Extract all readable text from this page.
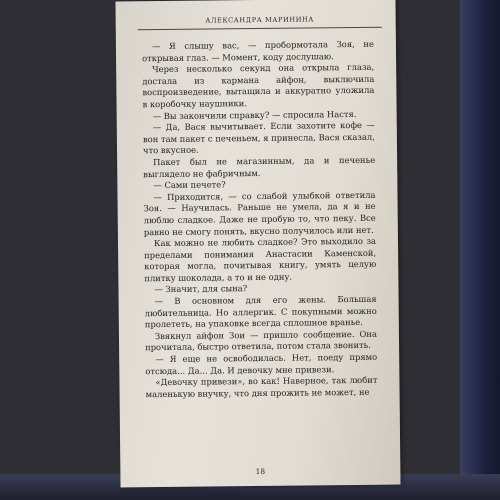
АЛЕКСАНДРА МАРИНИНА

— Я слышу вас, — пробормотала Зоя, не открывая глаз. — Момент, коду дослушаю.

Через несколько секунд она открыла глаза, достала из кармана айфон, выключила воспроизведение, вытащила и аккуратно уложила в коробочку наушники.

— Вы закончили справку? — спросила Настя.

— Да, Вася вычитывает. Если захотите кофе — вон там пакет с печеньем, я принесла, Вася сказал, что вкусное.

Пакет был не магазинным, да и печенье выглядело не фабричным.

— Сами печете?

— Приходится, — со слабой улыбкой ответила Зоя. — Научилась. Раньше не умела, да я и не люблю сладкое. Даже не пробую то, что пеку. Все равно не смогу понять, вкусно получилось или нет.

Как можно не любить сладкое? Это выходило за пределами понимания Анастасии Каменской, которая могла, почитывая книгу, умять целую плитку шоколада, а то и не одну.

— Значит, для сына?

— В основном для его жены. Большая любительница. Но аллергик. С покупными можно пролететь, на упаковке всегда сплошное вранье.

Звякнул айфон Зои — пришло сообщение. Она прочитала, быстро ответила, потом стала звонить.

— Я еще не освободилась. Нет, поеду прямо отсюда... Да... Да. И девочку мне привези.

«Девочку привези», во как! Наверное, так любит маленькую внучку, что дня прожить не может, не

18
